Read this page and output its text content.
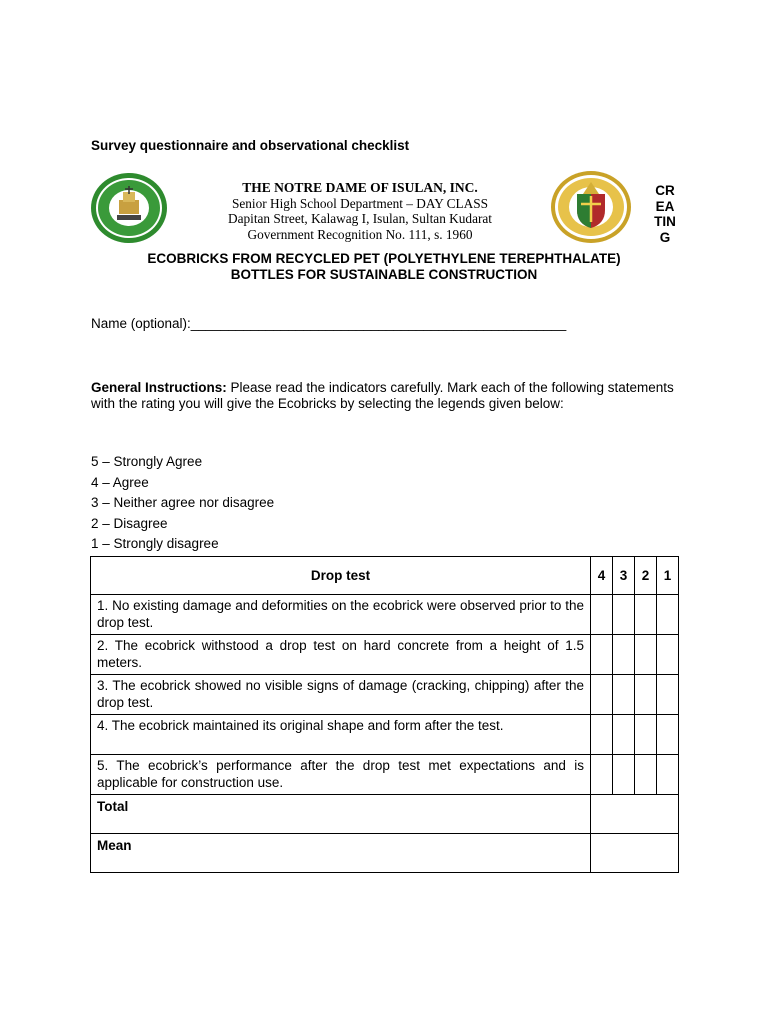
Survey questionnaire and observational checklist
THE NOTRE DAME OF ISULAN, INC.
Senior High School Department – DAY CLASS
Dapitan Street, Kalawag I, Isulan, Sultan Kudarat
Government Recognition No. 111, s. 1960
CR
EA
TIN
G
ECOBRICKS FROM RECYCLED PET (POLYETHYLENE TEREPHTHALATE)
BOTTLES FOR SUSTAINABLE CONSTRUCTION
Name (optional):__________________________________________________
General Instructions: Please read the indicators carefully. Mark each of the following statements with the rating you will give the Ecobricks by selecting the legends given below:
5 – Strongly Agree
4 – Agree
3 – Neither agree nor disagree
2 – Disagree
1 – Strongly disagree
Drop test	4	3	2	1
1. No existing damage and deformities on the ecobrick were observed prior to the drop test.				
2. The ecobrick withstood a drop test on hard concrete from a height of 1.5 meters.				
3. The ecobrick showed no visible signs of damage (cracking, chipping) after the drop test.				
4. The ecobrick maintained its original shape and form after the test.				
5. The ecobrick’s performance after the drop test met expectations and is applicable for construction use.				
Total				
Mean				
